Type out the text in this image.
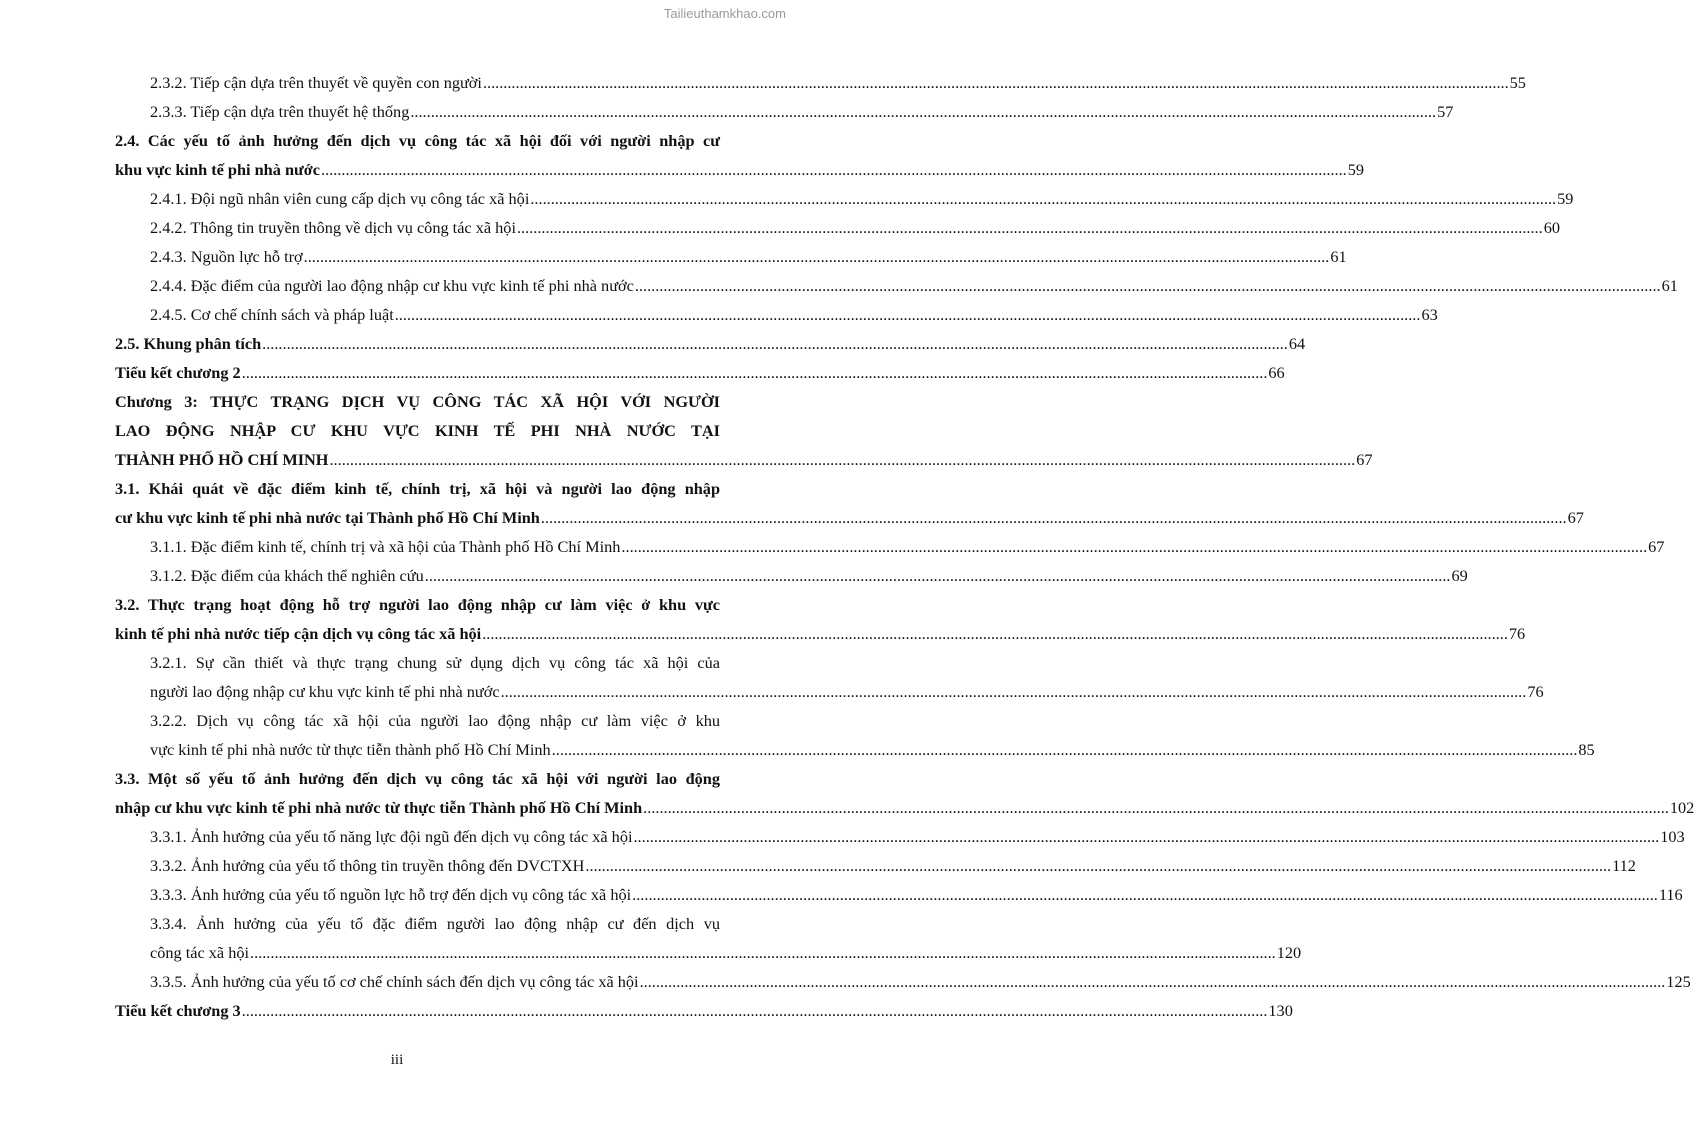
Tailieuthamkhao.com
2.3.2. Tiếp cận dựa trên thuyết về quyền con người .....	55
2.3.3. Tiếp cận dựa trên thuyết hệ thống .....	57
2.4. Các yếu tố ảnh hưởng đến dịch vụ công tác xã hội đối với người nhập cư
khu vực kinh tế phi nhà nước .....	59
2.4.1. Đội ngũ nhân viên cung cấp dịch vụ công tác xã hội .....	59
2.4.2. Thông tin truyền thông về dịch vụ công tác xã hội .....	60
2.4.3. Nguồn lực hỗ trợ .....	61
2.4.4. Đặc điểm của người lao động nhập cư khu vực kinh tế phi nhà nước .....	61
2.4.5. Cơ chế chính sách và pháp luật .....	63
2.5. Khung phân tích .....	64
Tiểu kết chương 2 .....	66
Chương 3: THỰC TRẠNG DỊCH VỤ CÔNG TÁC XÃ HỘI VỚI NGƯỜI
LAO ĐỘNG NHẬP CƯ KHU VỰC KINH TẾ PHI NHÀ NƯỚC TẠI
THÀNH PHỐ HỒ CHÍ MINH .....	67
3.1. Khái quát về đặc điểm kinh tế, chính trị, xã hội và người lao động nhập
cư khu vực kinh tế phi nhà nước tại Thành phố Hồ Chí Minh .....	67
3.1.1. Đặc điểm kinh tế, chính trị và xã hội của Thành phố Hồ Chí Minh .....	67
3.1.2. Đặc điểm của khách thể nghiên cứu .....	69
3.2. Thực trạng hoạt động hỗ trợ người lao động nhập cư làm việc ở khu vực
kinh tế phi nhà nước tiếp cận dịch vụ công tác xã hội .....	76
3.2.1. Sự cần thiết và thực trạng chung sử dụng dịch vụ công tác xã hội của
người lao động nhập cư khu vực kinh tế phi nhà nước .....	76
3.2.2. Dịch vụ công tác xã hội của người lao động nhập cư làm việc ở khu
vực kinh tế phi nhà nước từ thực tiễn thành phố Hồ Chí Minh .....	85
3.3. Một số yếu tố ảnh hưởng đến dịch vụ công tác xã hội với người lao động
nhập cư khu vực kinh tế phi nhà nước từ thực tiễn Thành phố Hồ Chí Minh .....	102
3.3.1. Ảnh hưởng của yếu tố năng lực đội ngũ đến dịch vụ công tác xã hội .....	103
3.3.2. Ảnh hưởng của yếu tố thông tin truyền thông đến DVCTXH .....	112
3.3.3. Ảnh hưởng của yếu tố nguồn lực hỗ trợ đến dịch vụ công tác xã hội .....	116
3.3.4. Ảnh hưởng của yếu tố đặc điểm người lao động nhập cư đến dịch vụ
công tác xã hội .....	120
3.3.5. Ảnh hưởng của yếu tố cơ chế chính sách đến dịch vụ công tác xã hội .....	125
Tiểu kết chương 3 .....	130
iii
